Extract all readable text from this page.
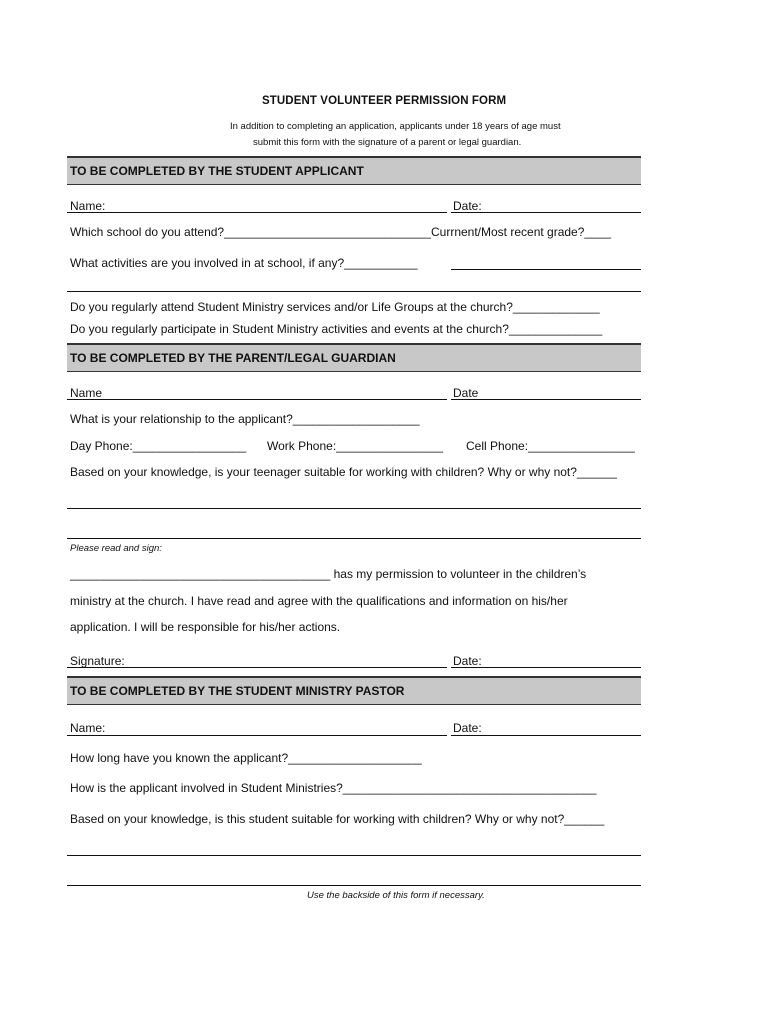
STUDENT VOLUNTEER PERMISSION FORM
In addition to completing an application, applicants under 18 years of age must
submit this form with the signature of a parent or legal guardian.
TO BE COMPLETED BY THE STUDENT APPLICANT
Name:	Date:
Which school do you attend?_______________________________Currnent/Most recent grade?____
What activities are you involved in at school, if any?___________
Do you regularly attend Student Ministry services and/or Life Groups at the church?_____________
Do you regularly participate in Student Ministry activities and events at the church?______________
TO BE COMPLETED BY THE PARENT/LEGAL GUARDIAN
Name	Date
What is your relationship to the applicant?___________________
Day Phone:_________________ Work Phone:________________ Cell Phone:________________
Based on your knowledge, is your teenager suitable for working with children? Why or why not?______
Please read and sign:
_______________________________________ has my permission to volunteer in the children’s
ministry at the church. I have read and agree with the qualifications and information on his/her
application. I will be responsible for his/her actions.
Signature:	Date:
TO BE COMPLETED BY THE STUDENT MINISTRY PASTOR
Name:	Date:
How long have you known the applicant?____________________
How is the applicant involved in Student Ministries?______________________________________
Based on your knowledge, is this student suitable for working with children? Why or why not?______
Use the backside of this form if necessary.
